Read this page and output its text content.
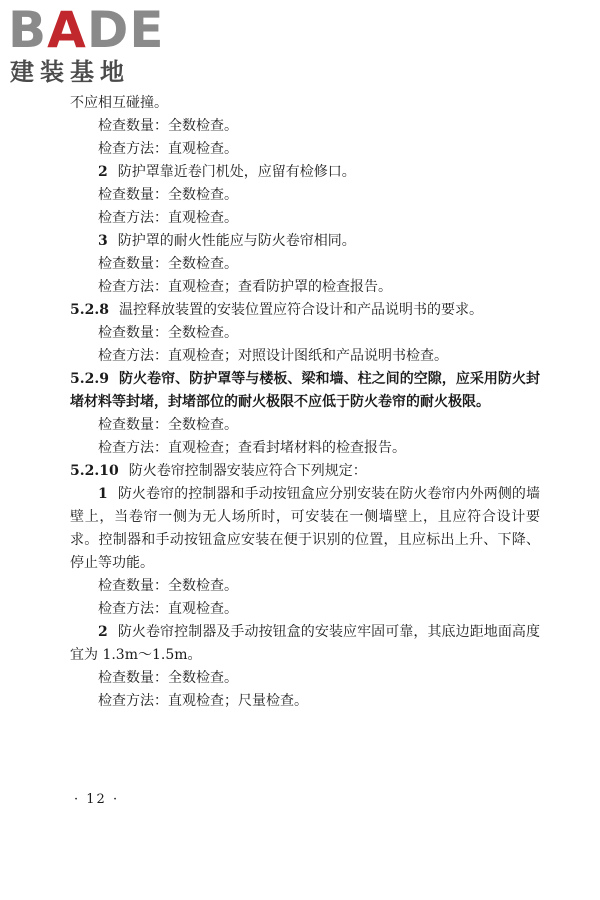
BADE
建装基地
不应相互碰撞。
检查数量：全数检查。
检查方法：直观检查。
2 防护罩靠近卷门机处，应留有检修口。
检查数量：全数检查。
检查方法：直观检查。
3 防护罩的耐火性能应与防火卷帘相同。
检查数量：全数检查。
检查方法：直观检查；查看防护罩的检查报告。
5.2.8 温控释放装置的安装位置应符合设计和产品说明书的要求。
检查数量：全数检查。
检查方法：直观检查；对照设计图纸和产品说明书检查。
5.2.9 防火卷帘、防护罩等与楼板、梁和墙、柱之间的空隙，应采用防火封堵材料等封堵，封堵部位的耐火极限不应低于防火卷帘的耐火极限。
检查数量：全数检查。
检查方法：直观检查；查看封堵材料的检查报告。
5.2.10 防火卷帘控制器安装应符合下列规定：
1 防火卷帘的控制器和手动按钮盒应分别安装在防火卷帘内外两侧的墙壁上，当卷帘一侧为无人场所时，可安装在一侧墙壁上，且应符合设计要求。控制器和手动按钮盒应安装在便于识别的位置，且应标出上升、下降、停止等功能。
检查数量：全数检查。
检查方法：直观检查。
2 防火卷帘控制器及手动按钮盒的安装应牢固可靠，其底边距地面高度宜为 1.3m～1.5m。
检查数量：全数检查。
检查方法：直观检查；尺量检查。
· 12 ·
